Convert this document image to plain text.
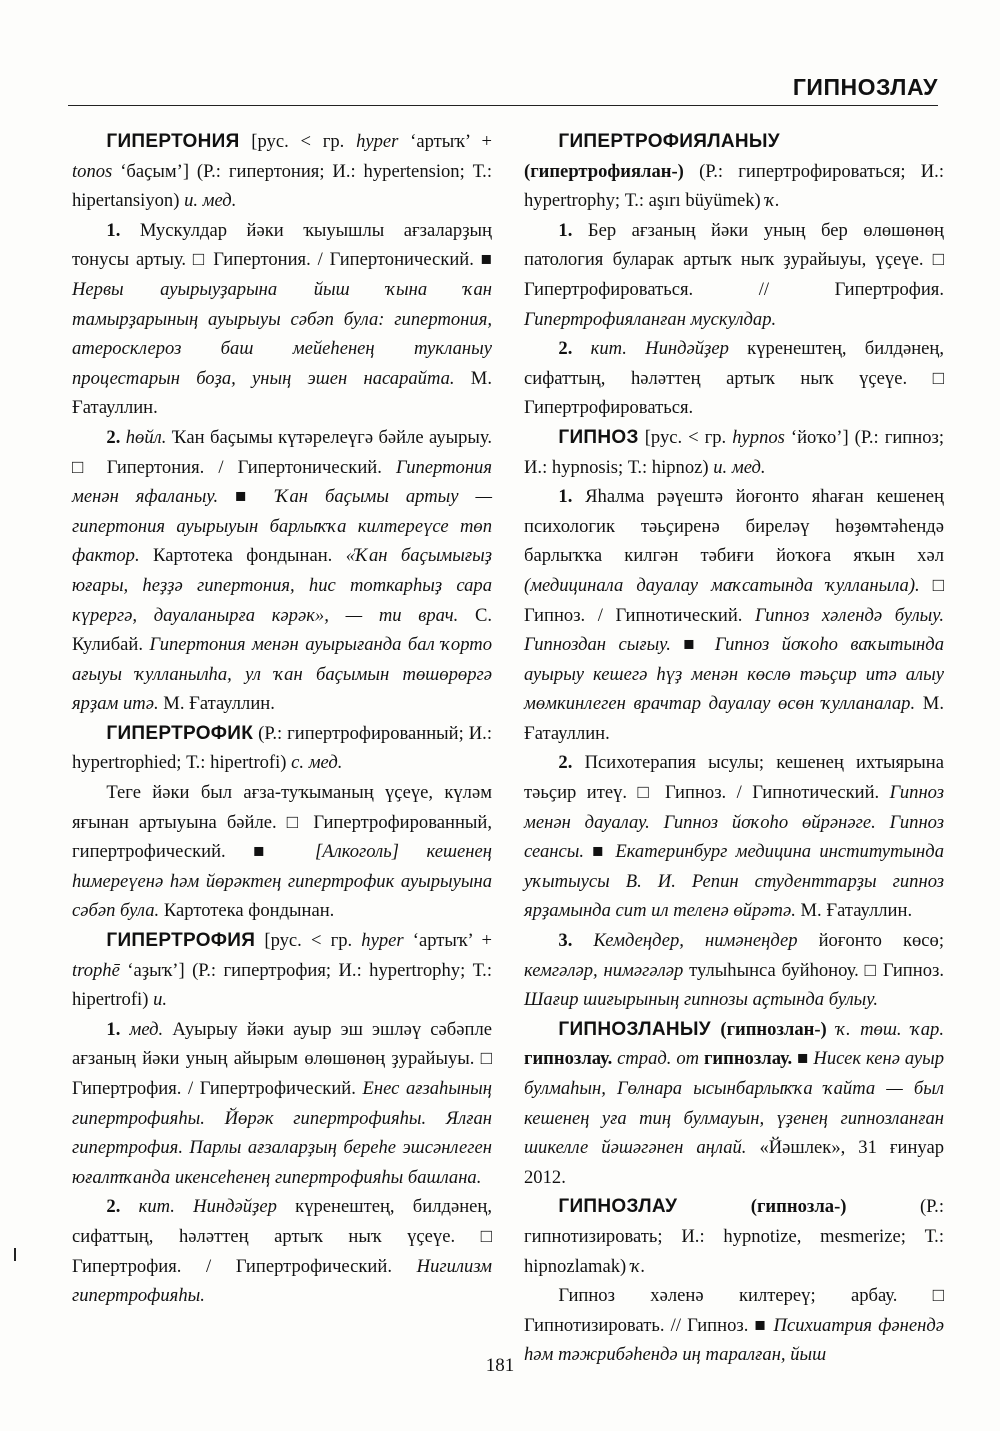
ГИПНОЗЛАУ

ГИПЕРТОНИЯ [рус. < гр. hyper ‘артыҡ’ + tonos ‘баҫым’] (Р.: гипертония; И.: hypertension; Т.: hipertansiyon) и. мед.

1. Мускулдар йәки ҡыуышлы ағзаларҙың тонусы артыу. □ Гипертония. / Гипертонический. ■ Нервы ауырыуҙарына йыш ҡына ҡан тамырҙарының ауырыуы сәбәп була: гипертония, атеросклероз баш мейеһенең тукланыу процестарын боҙа, уның эшен насарайта. М. Ғатауллин.

2. һөйл. Ҡан баҫымы күтәрелеүгә бәйле ауырыу. □ Гипертония. / Гипертонический. Гипертония менән яфаланыу. ■ Ҡан баҫымы артыу — гипертония ауырыуын барлыҡҡа килтереүсе төп фактор. Картотека фондынан. «Ҡан баҫымығыҙ юғары, һеҙҙә гипертония, һис тоткарһыҙ сара күрергә, дауаланырға кәрәк», — ти врач. С. Кулибай. Гипертония менән ауырығанда бал ҡорто ағыуы ҡулланылһа, ул ҡан баҫымын төшөрөргә ярҙам итә. М. Ғатауллин.

ГИПЕРТРОФИК (Р.: гипертрофированный; И.: hypertrophied; Т.: hipertrofi) с. мед.

Теге йәки был ағза-туҡыманың үҫеүе, күләм яғынан артыуына бәйле. □ Гипертрофированный, гипертрофический. ■ [Алкоголь] кешенең һимереүенә һәм йөрәктең гипертрофик ауырыуына сәбәп була. Картотека фондынан.

ГИПЕРТРОФИЯ [рус. < гр. hyper ‘артыҡ’ + trophē ‘аҙыҡ’] (Р.: гипертрофия; И.: hypertrophy; Т.: hipertrofi) и.

1. мед. Ауырыу йәки ауыр эш эшләү сәбәпле ағзаның йәки уның айырым өлөшөнөң ҙурайыуы. □ Гипертрофия. / Гипертрофический. Енес ағзаһының гипертрофияһы. Йөрәк гипертрофияһы. Ялған гипертрофия. Парлы ағзаларҙың береһе эшсәнлеген юғалтҡанда икенсеһенең гипертрофияһы башлана.

2. кит. Ниндәйҙер күренештең, билдәнең, сифаттың, һәләттең артыҡ ныҡ үҫеүе. □ Гипертрофия. / Гипертрофический. Нигилизм гипертрофияһы.

ГИПЕРТРОФИЯЛАНЫУ (гипертрофиялан-) (Р.: гипертрофироваться; И.: hypertrophy; Т.: aşırı büyümek) ҡ.

1. Бер ағзаның йәки уның бер өлөшөнөң патология буларак артыҡ ныҡ ҙурайыуы, үҫеүе. □ Гипертрофироваться. // Гипертрофия. Гипертрофияланған мускулдар.

2. кит. Ниндәйҙер күренештең, билдәнең, сифаттың, һәләттең артыҡ ныҡ үҫеүе. □ Гипертрофироваться.

ГИПНОЗ [рус. < гр. hypnos ‘йоҡо’] (Р.: гипноз; И.: hypnosis; Т.: hipnoz) и. мед.

1. Яһалма рәүештә йоғонто яһаған кешенең психологик тәьҫиренә биреләү һөҙөмтәһендә барлыҡҡа килгән тәбиғи йоҡоға яҡын хәл (медицинала дауалау маҡсатында ҡулланыла). □ Гипноз. / Гипнотический. Гипноз хәлендә булыу. Гипноздан сығыу. ■ Гипноз йоҡоһо ваҡытында ауырыу кешегә һүҙ менән көслө тәьҫир итә алыу мөмкинлеген врачтар дауалау өсөн ҡулланалар. М. Ғатауллин.

2. Психотерапия ысулы; кешенең ихтыярына тәьҫир итеү. □ Гипноз. / Гипнотический. Гипноз менән дауалау. Гипноз йоҡоһо өйрәнәге. Гипноз сеансы. ■ Екатеринбург медицина институтында уҡытыусы В. И. Репин студенттарҙы гипноз ярҙамында сит ил теленә өйрәтә. М. Ғатауллин.

3. Кемдеңдер, нимәнеңдер йоғонто көсө; кемгәләр, нимәгәләр тулыһынса буйһоноу. □ Гипноз. Шағир шиғырының гипнозы аҫтында булыу.

ГИПНОЗЛАНЫУ (гипнозлан-) ҡ. төш. ҡар. гипнозлау. страд. от гипнозлау. ■ Нисек кенә ауыр булмаһын, Гөлнара ысынбарлыҡҡа ҡайта — был кешенең уға тиң булмауын, үҙенең гипнозланған шикелле йәшәгәнен аңлай. «Йәшлек», 31 ғинуар 2012.

ГИПНОЗЛАУ	(гипнозла-) (Р.: гипнотизировать; И.: hypnotize, mesmerize; Т.: hipnozlamak) ҡ.

Гипноз хәленә килтереү; арбау. □ Гипнотизировать. // Гипноз. ■ Психиатрия фәнендә һәм тәжрибәһендә иң таралған, йыш

181
